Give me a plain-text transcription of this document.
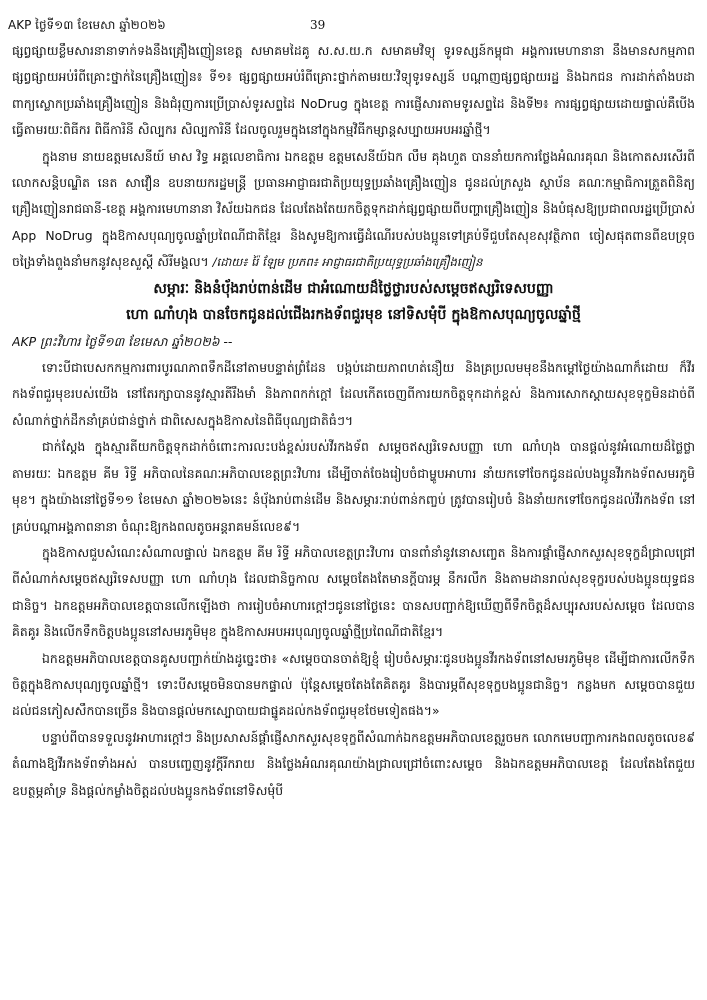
AKP ថ្ងៃទី១៣ ខែមេសា ឆ្នាំ២០២៦	39

ផ្សព្វផ្សាយខ្លឹមសារនានាទាក់ទងនឹងគ្រឿងញៀនខេត្ត សមាគមដៃគូ ស.ស.យ.ក សមាគមវិទ្យុ ទូរទស្សន៍កម្ពុជា អង្គការមេហានានា នឹងមានសកម្មភាពផ្សព្វផ្សាយអប់រំពីគ្រោះថ្នាក់នៃគ្រឿងញៀន៖ ទី១៖ ផ្សព្វផ្សាយអប់រំពីគ្រោះថ្នាក់តាមរយៈវិទ្យុទូរទស្សន៍ បណ្ដាញផ្សព្វផ្សាយរដ្ឋ និងឯកជន ការដាក់តាំងបដា ពាក្យស្លោកប្រឆាំងគ្រឿងញៀន និងជំរុញការប្រើប្រាស់ទូរសព្ទដៃ NoDrug ក្នុងខេត្ត ការផ្ញើសារតាមទូរសព្ទដៃ និងទី២៖ ការផ្សព្វផ្សាយដោយផ្ទាល់គឺបើងធ្វើតាមរយៈពិធីករ ពិធីការិនី សិល្បករ សិល្បការិនី ដែលចូលរួមក្នុងនៅក្នុងកម្មវិធីកម្សាន្តសប្បាយអបអរឆ្នាំថ្មី។

ក្នុងនាម នាយឧត្តមសេនីយ៍ មាស វិទ្ធ អគ្គលេខាធិការ ឯកឧត្តម ឧត្តមសេនីយ៍ឯក លឹម គុងហួត បាននាំយកការថ្លែងអំណរគុណ និងកោតសរសើរពីលោកសន្តិបណ្ឌិត នេត សាវឿន ឧបនាយករដ្ឋមន្ត្រី ប្រធានអាជ្ញាធរជាតិប្រយុទ្ធប្រឆាំងគ្រឿងញៀន ជូនដល់ក្រសួង ស្ថាប័ន គណៈកម្មាធិការត្រួតពិនិត្យគ្រឿងញៀនរាជធានី-ខេត្ត អង្គការមេហានានា វិស័យឯកជន ដែលតែងតែយកចិត្តទុកដាក់ផ្សព្វផ្សាយពីបញ្ហាគ្រឿងញៀន និងបំផុសឱ្យប្រជាពលរដ្ឋប្រើប្រាស់ App NoDrug ក្នុងឱកាសបុណ្យចូលឆ្នាំប្រពៃណីជាតិខ្មែរ និងសូមឱ្យការធ្វើដំណើរបស់បងប្អូនទៅគ្រប់ទីជួបតែសុខសុវត្ថិភាព ចៀសផុតពានពីឧបទ្រុចចង្រៃទាំងពួងនាំមកនូវសុខសួស្ដី សិរីមង្គល។ /ដោយ៖ រ៉ៃ ឡែម ប្រភព៖ អាជ្ញាធរជាតិប្រយុទ្ធប្រឆាំងគ្រឿងញៀន

សម្ភារៈ និងនំបុ័ងរាប់ពាន់ដើម ជាអំណោយដ៏ថ្លៃថ្លារបស់សម្ដេចឥស្សរិទេសបញ្ញា
ហោ ណាំហុង បានចែកជូនដល់ជើងរកងទ័ពជួរមុខ នៅទិសមុំបី ក្នុងឱកាសបុណ្យចូលឆ្នាំថ្មី

AKP ព្រះវិហារ ថ្ងៃទី១៣ ខែមេសា ឆ្នាំ២០២៦ --

ទោះបីជាបេសកកម្មការពារបូរណភាពទឹកដីនៅតាមបន្ទាត់ព្រំដែន បង្កប់ដោយភាពហត់នឿយ និងគ្រប្រលមមុខនឹងកម្ដៅថ្ងៃយ៉ាងណាក៏ដោយ ក៏វីរកងទ័ពជួរមុខរបស់យើង នៅតែរក្សាបាននូវស្មារតីរឹងមាំ និងភាពកក់ក្ដៅ ដែលកើតចេញពីការយកចិត្តទុកដាក់ខ្ពស់ និងការសោកស្ដាយសុខទុក្ខមិនដាច់ពីសំណាក់ថ្នាក់ដឹកនាំគ្រប់ជាន់ថ្នាក់ ជាពិសេសក្នុងឱកាសនៃពិធីបុណ្យជាតិធំៗ។

ជាក់ស្ដែង ក្នុងស្មារតីយកចិត្តទុកដាក់ចំពោះការលះបង់ខ្ពស់របស់វីរកងទ័ព សម្ដេចឥស្សរិទេសបញ្ញា ហោ ណាំហុង បានផ្ដល់នូវអំណោយដ៏ថ្លៃថ្លា តាមរយៈ ឯកឧត្តម គីម រិទ្ធី អភិបាលនៃគណៈអភិបាលខេត្តព្រះវិហារ ដើម្បីចាត់ចែងរៀបចំជាម្ហូបអាហារ នាំយកទៅចែកជូនដល់បងប្អូនវីរកងទ័ពសមរភូមិមុខ។ ក្នុងយ៉ាងនៅថ្ងៃទី១១ ខែមេសា ឆ្នាំ២០២៦នេះ នំបុ័ងរាប់ពាន់ដើម និងសម្ភារៈរាប់ពាន់កញ្ចប់ ត្រូវបានរៀបចំ និងនាំយកទៅចែកជូនដល់វីរកងទ័ព នៅគ្រប់បណ្ដាអង្គភាពនានា ចំណុះឱ្យកងពលតូចអន្តរាគមន៍លេខ៩។

ក្នុងឱកាសជួបសំណេះសំណាលផ្ទាល់ ឯកឧត្តម គីម រិទ្ធី អភិបាលខេត្តព្រះវិហារ បានពាំនាំនូវនោសញ្ចេត និងការផ្ដាំផ្ញើសាកសួរសុខទុក្ខដ៏ជ្រាលជ្រៅ ពីសំណាក់សម្ដេចឥស្សរិទេសបញ្ញា ហោ ណាំហុង ដែលជានិច្ចកាល សម្ដេចតែងតែមានក្ដីបារម្ភ នឹករលឹក និងតាមដានរាល់សុខទុក្ខរបស់បងប្អូនយុទ្ធជនជានិច្ច។ ឯកឧត្តមអភិបាលខេត្តបានលើកឡើងថា ការរៀបចំអាហារក្ដៅៗជូននៅថ្ងៃនេះ បានសបញ្ជាក់ឱ្យឃើញពីទឹកចិត្តដ៏សប្បុរសរបស់សម្ដេច ដែលបានគិតគូរ និងលើកទឹកចិត្តបងប្អូននៅសមរភូមិមុខ ក្នុងឱកាសអបអរបុណ្យចូលឆ្នាំថ្មីប្រពៃណីជាតិខ្មែរ។

ឯកឧត្តមអភិបាលខេត្តបានគូសបញ្ជាក់យ៉ាងដូច្នេះថា៖ «សម្ដេចបានចាត់ឱ្យខ្ញុំ រៀបចំសម្ភារៈជូនបងប្អូនវីរកងទ័ពនៅសមរភូមិមុខ ដើម្បីជាការលើកទឹកចិត្តក្នុងឱកាសបុណ្យចូលឆ្នាំថ្មី។ ទោះបីសម្ដេចមិនបានមកផ្ទាល់ ប៉ុន្តែសម្ដេចតែងតែគិតគូរ និងបារម្ភពីសុខទុក្ខបងប្អូនជានិច្ច។ កន្លងមក សម្ដេចបានជួយដល់ជនភៀសសឹកបានច្រើន និងបានផ្ដល់មកស្បោបាយជាផ្នូគដល់កងទ័ពជួរមុខថែមទៀតផង។»

បន្ទាប់ពីបានទទួលនូវអាហារក្ដៅៗ និងប្រសាសន៍ផ្ដាំផ្ញើសាកសួរសុខទុក្ខពីសំណាក់ឯកឧត្តមអភិបាលខេត្តរួចមក លោកមេបញ្ជាការកងពលតូចលេខ៩ តំណាងឱ្យវីរកងទ័ពទាំងអស់ បានបញ្ចេញនូវក្ដីរីករាយ និងថ្លែងអំណរគុណយ៉ាងជ្រាលជ្រៅចំពោះសម្ដេច និងឯកឧត្តមអភិបាលខេត្ត ដែលតែងតែជួយឧបត្ថម្ភគាំទ្រ និងផ្ដល់កម្លាំងចិត្តដល់បងប្អូនកងទ័ពនៅទិសមុំបី
